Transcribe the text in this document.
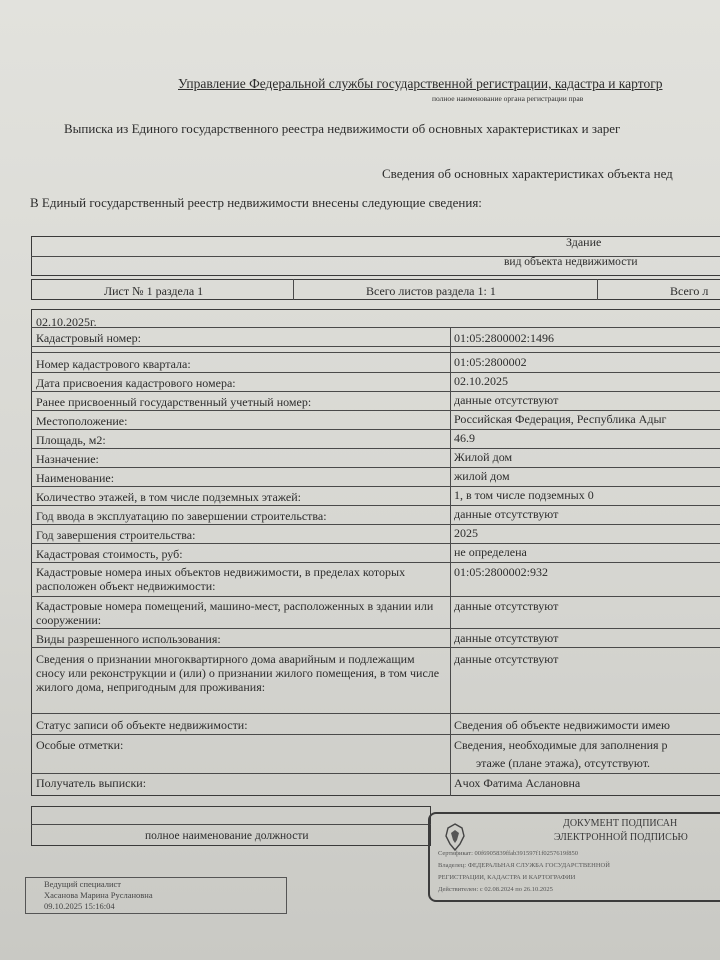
Управление Федеральной службы государственной регистрации, кадастра и картогр
полное наименование органа регистрации прав
Выписка из Единого государственного реестра недвижимости об основных характеристиках и зарег
Сведения об основных характеристиках объекта нед
В Единый государственный реестр недвижимости внесены следующие сведения:
Здание
вид объекта недвижимости
Лист № 1 раздела 1	Всего листов раздела 1: 1	Всего л
02.10.2025г.
Кадастровый номер:	01:05:2800002:1496
Номер кадастрового квартала:	01:05:2800002
Дата присвоения кадастрового номера:	02.10.2025
Ранее присвоенный государственный учетный номер:	данные отсутствуют
Местоположение:	Российская Федерация, Республика Адыг
Площадь, м2:	46.9
Назначение:	Жилой дом
Наименование:	жилой дом
Количество этажей, в том числе подземных этажей:	1, в том числе подземных 0
Год ввода в эксплуатацию по завершении строительства:	данные отсутствуют
Год завершения строительства:	2025
Кадастровая стоимость, руб:	не определена
Кадастровые номера иных объектов недвижимости, в пределах которых расположен объект недвижимости:
01:05:2800002:932
Кадастровые номера помещений, машино-мест, расположенных в здании или сооружении:
данные отсутствуют
Виды разрешенного использования:	данные отсутствуют
Сведения о признании многоквартирного дома аварийным и подлежащим сносу или реконструкции и (или) о признании жилого помещения, в том числе жилого дома, непригодным для проживания:
данные отсутствуют
Статус записи об объекте недвижимости:	Сведения об объекте недвижимости имею
Особые отметки:	Сведения, необходимые для заполнения р
этаже (плане этажа), отсутствуют.
Получатель выписки:	Ачох Фатима Аслановна
полное наименование должности
ДОКУМЕНТ ПОДПИСАН
ЭЛЕКТРОННОЙ ПОДПИСЬЮ
Сертификат: 00f6905839ffab391597f1f0257619f850
Владелец: ФЕДЕРАЛЬНАЯ СЛУЖБА ГОСУДАРСТВЕННОЙ
РЕГИСТРАЦИИ, КАДАСТРА И КАРТОГРАФИИ
Действителен: с 02.08.2024 по 26.10.2025
Ведущий специалист
Хасанова Марина Руслановна
09.10.2025 15:16:04
